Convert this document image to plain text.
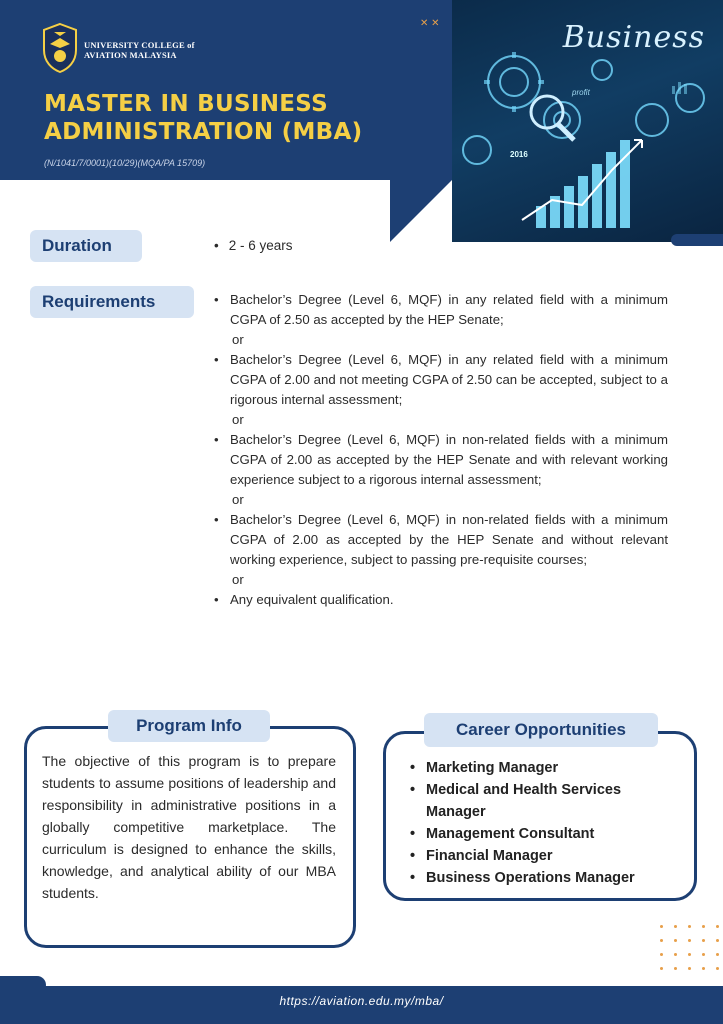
UNIVERSITY COLLEGE of
AVIATION MALAYSIA
✕ ✕
MASTER IN BUSINESS
ADMINISTRATION (MBA)
(N/1041/7/0001)(10/29)(MQA/PA 15709)
Business
profit
2016
Duration	• 2 - 6 years
Requirements	• Bachelor’s Degree (Level 6, MQF) in any related field with a minimum CGPA of 2.50 as accepted by the HEP Senate;
or
• Bachelor’s Degree (Level 6, MQF) in any related field with a minimum CGPA of 2.00 and not meeting CGPA of 2.50 can be accepted, subject to a rigorous internal assessment;
or
• Bachelor’s Degree (Level 6, MQF) in non-related fields with a minimum CGPA of 2.00 as accepted by the HEP Senate and with relevant working experience subject to a rigorous internal assessment;
or
• Bachelor’s Degree (Level 6, MQF) in non-related fields with a minimum CGPA of 2.00 as accepted by the HEP Senate and without relevant working experience, subject to passing pre-requisite courses;
or
• Any equivalent qualification.
Program Info

The objective of this program is to prepare students to assume positions of leadership and responsibility in administrative positions in a globally competitive marketplace. The curriculum is designed to enhance the skills, knowledge, and analytical ability of our MBA students.

Career Opportunities
• Marketing Manager
• Medical and Health Services Manager
• Management Consultant
• Financial Manager
• Business Operations Manager
https://aviation.edu.my/mba/
